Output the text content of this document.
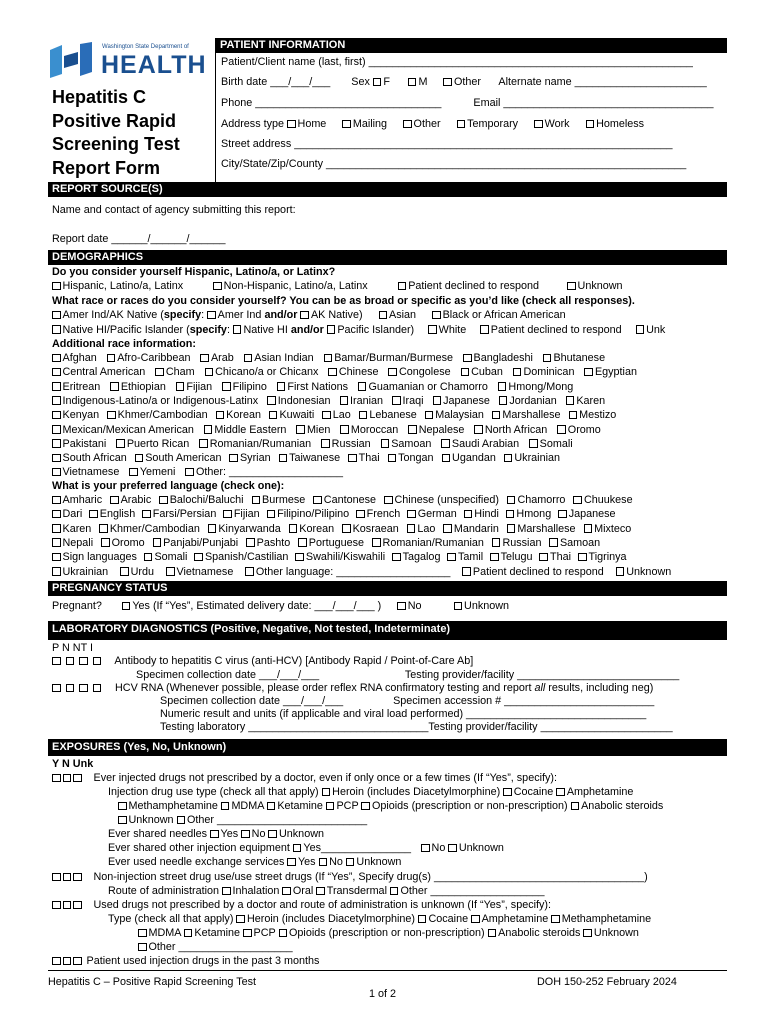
Washington State Department of
HEALTH
Hepatitis C
Positive Rapid
Screening Test
Report Form
PATIENT INFORMATION
Patient/Client name (last, first) ______________________________________________________
Birth date ___/___/___ Sex F	M Other Alternate name ______________________
Phone _______________________________	Email ___________________________________
Address type Home Mailing Other Temporary Work Homeless
Street address _______________________________________________________________
City/State/Zip/County ____________________________________________________________
REPORT SOURCE(S)
Name and contact of agency submitting this report:
Report date ______/______/______
DEMOGRAPHICS
Do you consider yourself Hispanic, Latino/a, or Latinx?
Hispanic, Latino/a, Latinx	Non-Hispanic, Latino/a, Latinx	Patient declined to respond	Unknown
What race or races do you consider yourself? You can be as broad or specific as you’d like (check all responses).
Amer Ind/AK Native (specify: Amer Ind and/or AK Native) Asian Black or African American
Native HI/Pacific Islander (specify: Native HI and/or Pacific Islander) White Patient declined to respond Unk
Additional race information:
Afghan Afro-Caribbean Arab Asian Indian Bamar/Burman/Burmese Bangladeshi Bhutanese
Central American Cham Chicano/a or Chicanx Chinese Congolese Cuban Dominican Egyptian
Eritrean Ethiopian Fijian Filipino First Nations Guamanian or Chamorro Hmong/Mong
Indigenous-Latino/a or Indigenous-Latinx Indonesian Iranian Iraqi Japanese Jordanian Karen
Kenyan Khmer/Cambodian Korean Kuwaiti Lao Lebanese Malaysian Marshallese Mestizo
Mexican/Mexican American Middle Eastern Mien Moroccan Nepalese North African Oromo
Pakistani Puerto Rican Romanian/Rumanian Russian Samoan Saudi Arabian Somali
South African South American Syrian Taiwanese Thai Tongan Ugandan Ukrainian
Vietnamese Yemeni Other: ___________________
What is your preferred language (check one):
Amharic Arabic Balochi/Baluchi Burmese Cantonese Chinese (unspecified) Chamorro Chuukese
Dari English Farsi/Persian Fijian Filipino/Pilipino French German Hindi Hmong Japanese
Karen Khmer/Cambodian Kinyarwanda Korean Kosraean Lao Mandarin Marshallese Mixteco
Nepali Oromo Panjabi/Punjabi Pashto Portuguese Romanian/Rumanian Russian Samoan
Sign languages Somali Spanish/Castilian Swahili/Kiswahili Tagalog Tamil Telugu Thai Tigrinya
Ukrainian Urdu Vietnamese Other language: ___________________ Patient declined to respond Unknown
PREGNANCY STATUS
Pregnant?	Yes (If “Yes”, Estimated delivery date: ___/___/___ ) No	Unknown
LABORATORY DIAGNOSTICS (Positive, Negative, Not tested, Indeterminate)
P N NT I
Antibody to hepatitis C virus (anti-HCV) [Antibody Rapid / Point-of-Care Ab]
Specimen collection date ___/___/___	Testing provider/facility ___________________________
HCV RNA (Whenever possible, please order reflex RNA confirmatory testing and report all results, including neg)
Specimen collection date ___/___/___	Specimen accession # _________________________
Numeric result and units (if applicable and viral load performed) ______________________________
Testing laboratory ______________________________Testing provider/facility ______________________
EXPOSURES (Yes, No, Unknown)
Y N Unk
Ever injected drugs not prescribed by a doctor, even if only once or a few times (If “Yes”, specify):
Injection drug use type (check all that apply) Heroin (includes Diacetylmorphine) Cocaine Amphetamine
Methamphetamine MDMA Ketamine PCP Opioids (prescription or non-prescription) Anabolic steroids
Unknown Other _________________________
Ever shared needles Yes No Unknown
Ever shared other injection equipment Yes_______________ No Unknown
Ever used needle exchange services Yes No Unknown
Non-injection street drug use/use street drugs (If “Yes”, Specify drug(s) ___________________________________)
Route of administration Inhalation Oral Transdermal Other ___________________
Used drugs not prescribed by a doctor and route of administration is unknown (If “Yes”, specify):
Type (check all that apply) Heroin (includes Diacetylmorphine) Cocaine Amphetamine Methamphetamine
MDMA Ketamine PCP Opioids (prescription or non-prescription) Anabolic steroids Unknown
Other ___________________
Patient used injection drugs in the past 3 months
Hepatitis C – Positive Rapid Screening Test	DOH 150-252 February 2024
1 of 2
